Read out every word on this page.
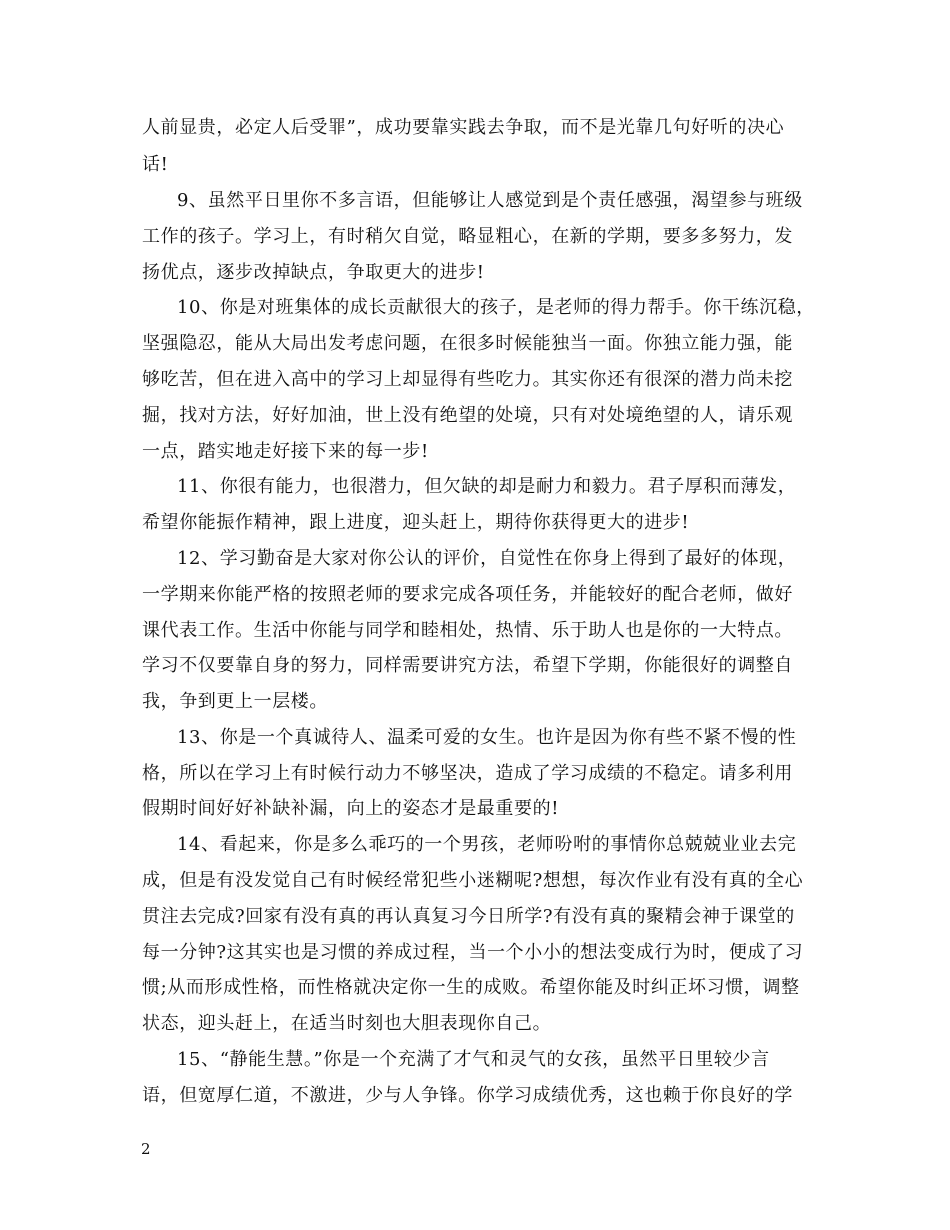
人前显贵，必定人后受罪”，成功要靠实践去争取，而不是光靠几句好听的决心
话!
9、虽然平日里你不多言语，但能够让人感觉到是个责任感强，渴望参与班级
工作的孩子。学习上，有时稍欠自觉，略显粗心，在新的学期，要多多努力，发
扬优点，逐步改掉缺点，争取更大的进步!
10、你是对班集体的成长贡献很大的孩子，是老师的得力帮手。你干练沉稳，
坚强隐忍，能从大局出发考虑问题，在很多时候能独当一面。你独立能力强，能
够吃苦，但在进入高中的学习上却显得有些吃力。其实你还有很深的潜力尚未挖
掘，找对方法，好好加油，世上没有绝望的处境，只有对处境绝望的人，请乐观
一点，踏实地走好接下来的每一步!
11、你很有能力，也很潜力，但欠缺的却是耐力和毅力。君子厚积而薄发，
希望你能振作精神，跟上进度，迎头赶上，期待你获得更大的进步!
12、学习勤奋是大家对你公认的评价，自觉性在你身上得到了最好的体现，
一学期来你能严格的按照老师的要求完成各项任务，并能较好的配合老师，做好
课代表工作。生活中你能与同学和睦相处，热情、乐于助人也是你的一大特点。
学习不仅要靠自身的努力，同样需要讲究方法，希望下学期，你能很好的调整自
我，争到更上一层楼。
13、你是一个真诚待人、温柔可爱的女生。也许是因为你有些不紧不慢的性
格，所以在学习上有时候行动力不够坚决，造成了学习成绩的不稳定。请多利用
假期时间好好补缺补漏，向上的姿态才是最重要的!
14、看起来，你是多么乖巧的一个男孩，老师吩咐的事情你总兢兢业业去完
成，但是有没发觉自己有时候经常犯些小迷糊呢?想想，每次作业有没有真的全心
贯注去完成?回家有没有真的再认真复习今日所学?有没有真的聚精会神于课堂的
每一分钟?这其实也是习惯的养成过程，当一个小小的想法变成行为时，便成了习
惯;从而形成性格，而性格就决定你一生的成败。希望你能及时纠正坏习惯，调整
状态，迎头赶上，在适当时刻也大胆表现你自己。
15、“静能生慧。”你是一个充满了才气和灵气的女孩，虽然平日里较少言
语，但宽厚仁道，不激进，少与人争锋。你学习成绩优秀，这也赖于你良好的学
2
